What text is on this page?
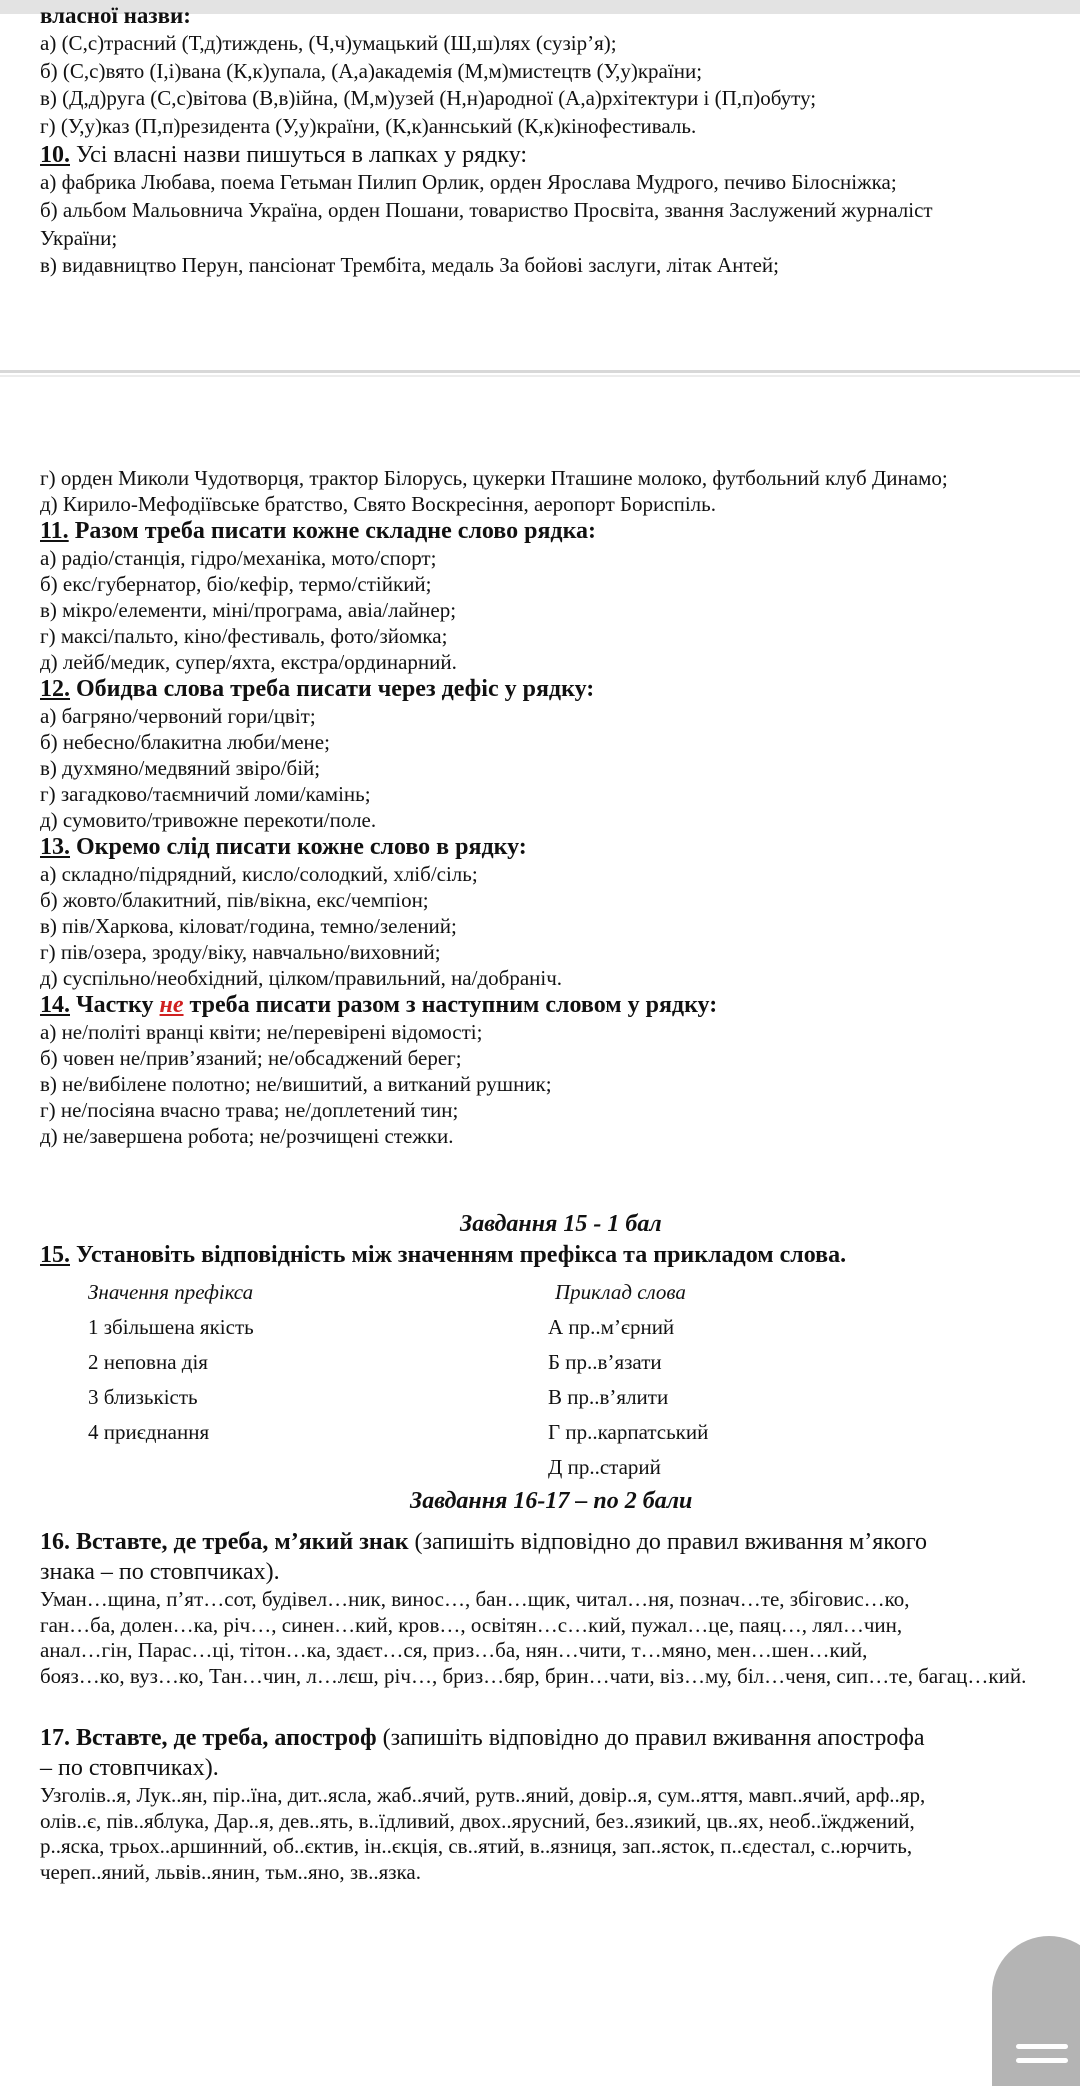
власної назви:
а) (С,с)трасний (Т,д)тиждень, (Ч,ч)умацький (Ш,ш)лях (сузір’я);
б) (С,с)вято (І,і)вана (К,к)упала, (А,а)академія (М,м)мистецтв (У,у)країни;
в) (Д,д)руга (С,с)вітова (В,в)ійна, (М,м)узей (Н,н)ародної (А,а)рхітектури і (П,п)обуту;
г) (У,у)каз (П,п)резидента (У,у)країни, (К,к)аннський (К,к)кінофестиваль.
10. Усі власні назви пишуться в лапках у рядку:
а) фабрика Любава, поема Гетьман Пилип Орлик, орден Ярослава Мудрого, печиво Білосніжка;
б) альбом Мальовнича Україна, орден Пошани, товариство Просвіта, звання Заслужений журналіст
України;
в) видавництво Перун, пансіонат Трембіта, медаль За бойові заслуги, літак Антей;
г) орден Миколи Чудотворця, трактор Білорусь, цукерки Пташине молоко, футбольний клуб Динамо;
д) Кирило-Мефодіївське братство, Свято Воскресіння, аеропорт Бориспіль.
11. Разом треба писати кожне складне слово рядка:
а) радіо/станція, гідро/механіка, мото/спорт;
б) екс/губернатор, біо/кефір, термо/стійкий;
в) мікро/елементи, міні/програма, авіа/лайнер;
г) максі/пальто, кіно/фестиваль, фото/зйомка;
д) лейб/медик, супер/яхта, екстра/ординарний.
12. Обидва слова треба писати через дефіс у рядку:
а) багряно/червоний гори/цвіт;
б) небесно/блакитна люби/мене;
в) духмяно/медвяний звіро/бій;
г) загадково/таємничий ломи/камінь;
д) сумовито/тривожне перекоти/поле.
13. Окремо слід писати кожне слово в рядку:
а) складно/підрядний, кисло/солодкий, хліб/сіль;
б) жовто/блакитний, пів/вікна, екс/чемпіон;
в) пів/Харкова, кіловат/година, темно/зелений;
г) пів/озера, зроду/віку, навчально/виховний;
д) суспільно/необхідний, цілком/правильний, на/добраніч.
14. Частку не треба писати разом з наступним словом у рядку:
а) не/політі вранці квіти; не/перевірені відомості;
б) човен не/прив’язаний; не/обсаджений берег;
в) не/вибілене полотно; не/вишитий, а витканий рушник;
г) не/посіяна вчасно трава; не/доплетений тин;
д) не/завершена робота; не/розчищені стежки.
Завдання 15 - 1 бал
15. Установіть відповідність між значенням префікса та прикладом слова.
Значення префікса	Приклад слова
1 збільшена якість
2 неповна дія
3 близькість
4 приєднання
А пр..м’єрний
Б пр..в’язати
В пр..в’ялити
Г пр..карпатський
Д пр..старий
Завдання 16-17 – по 2 бали
16. Вставте, де треба, м’який знак (запишіть відповідно до правил вживання м’якого
знака – по стовпчиках).
Уман…щина, п’ят…сот, будівел…ник, винос…, бан…щик, читал…ня, познач…те, збіговис…ко,
ган…ба, долен…ка, річ…, синен…кий, кров…, освітян…с…кий, пужал…це, паяц…, лял…чин,
анал…гін, Парас…ці, тітон…ка, здаєт…ся, приз…ба, нян…чити, т…мяно, мен…шен…кий,
бояз…ко, вуз…ко, Тан…чин, л…лєш, річ…, бриз…бяр, брин…чати, віз…му, біл…ченя, сип…те, багац…кий.
17. Вставте, де треба, апостроф (запишіть відповідно до правил вживання апострофа
– по стовпчиках).
Узголів..я, Лук..ян, пір..їна, дит..ясла, жаб..ячий, рутв..яний, довір..я, сум..яття, мавп..ячий, арф..яр,
олів..є, пів..яблука, Дар..я, дев..ять, в..їдливий, двох..ярусний, без..язикий, цв..ях, необ..їжджений,
р..яска, трьох..аршинний, об..єктив, ін..єкція, св..ятий, в..язниця, зап..ясток, п..єдестал, с..юрчить,
череп..яний, львів..янин, тьм..яно, зв..язка.
